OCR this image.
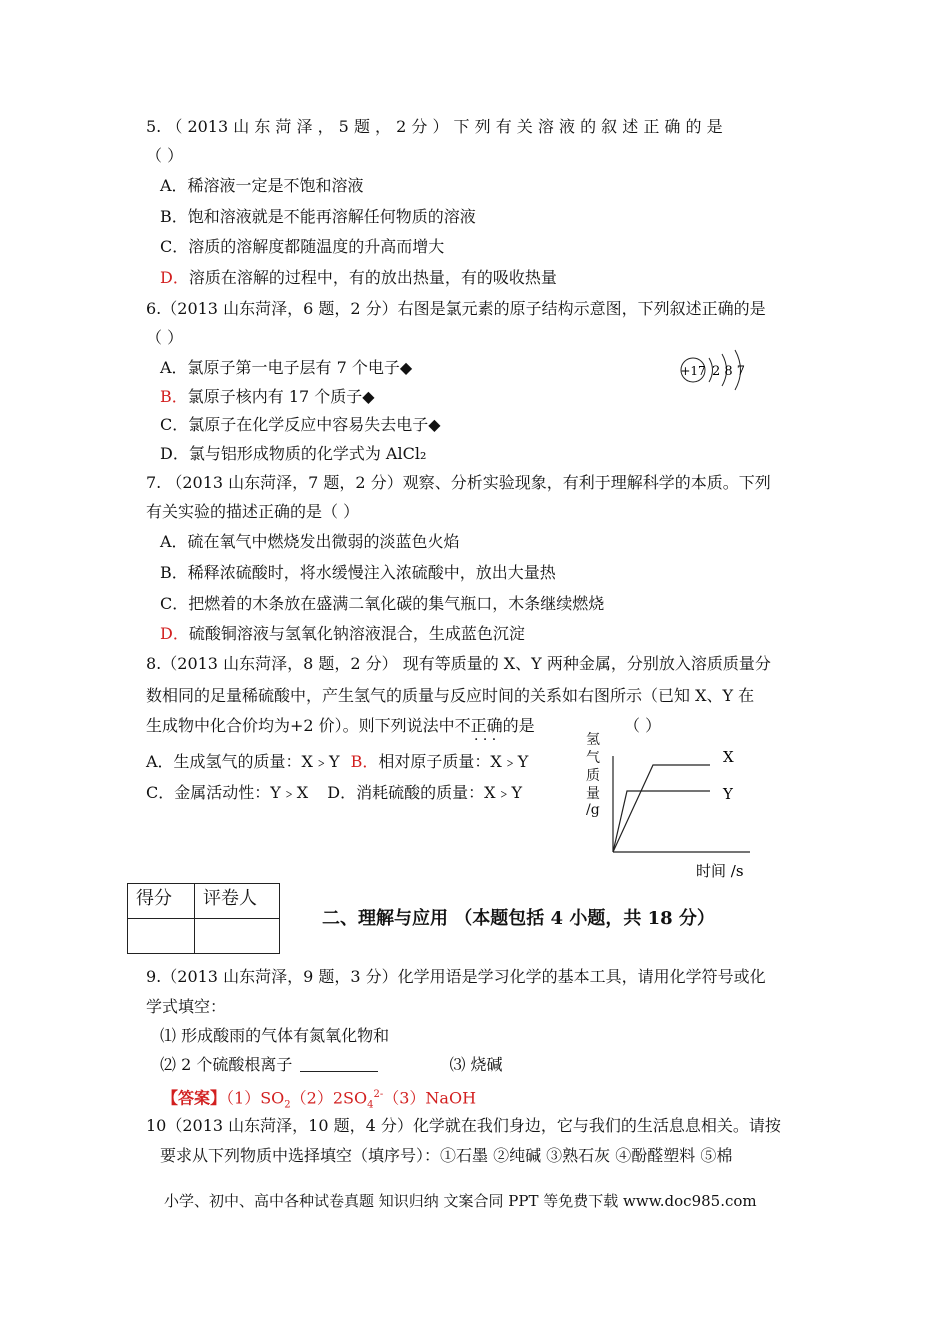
5. （ 2013 山 东 菏 泽 ， 5 题 ， 2 分 ） 下 列 有 关 溶 液 的 叙 述 正 确 的 是
（ ）
A．稀溶液一定是不饱和溶液
B．饱和溶液就是不能再溶解任何物质的溶液
C．溶质的溶解度都随温度的升高而增大
D．溶质在溶解的过程中，有的放出热量，有的吸收热量
6.（2013 山东菏泽，6 题，2 分）右图是氯元素的原子结构示意图，下列叙述正确的是
（ ）
A．氯原子第一电子层有 7 个电子◆
B．氯原子核内有 17 个质子◆
C．氯原子在化学反应中容易失去电子◆
D．氯与铝形成物质的化学式为 AlCl₂
+17 2 8 7
7. （2013 山东菏泽，7 题，2 分）观察、分析实验现象，有利于理解科学的本质。下列
有关实验的描述正确的是（ ）
A．硫在氧气中燃烧发出微弱的淡蓝色火焰
B．稀释浓硫酸时，将水缓慢注入浓硫酸中，放出大量热
C．把燃着的木条放在盛满二氧化碳的集气瓶口，木条继续燃烧
D．硫酸铜溶液与氢氧化钠溶液混合，生成蓝色沉淀
8.（2013 山东菏泽，8 题，2 分） 现有等质量的 X、Y 两种金属，分别放入溶质质量分
数相同的足量稀硫酸中，产生氢气的质量与反应时间的关系如右图所示（已知 X、Y 在
生成物中化合价均为+2 价）。则下列说法中不正确的是	（ ）
· · ·
A．生成氢气的质量：X﹥Y B．相对原子质量：X﹥Y
C．金属活动性：Y﹥X D．消耗硫酸的质量：X﹥Y
氢
气
质
量
/g
X
Y
时间 /s
得分	评卷人

二、理解与应用 （本题包括 4 小题，共 18 分）
9.（2013 山东菏泽，9 题，3 分）化学用语是学习化学的基本工具，请用化学符号或化
学式填空：
⑴ 形成酸雨的气体有氮氧化物和
⑵ 2 个硫酸根离子	⑶ 烧碱
【答案】$(1)SO_2(2)2SO_4^{2-}(3)NaOH$
10（2013 山东菏泽，10 题，4 分）化学就在我们身边，它与我们的生活息息相关。请按
要求从下列物质中选择填空（填序号）：①石墨 ②纯碱 ③熟石灰 ④酚醛塑料 ⑤棉
小学、初中、高中各种试卷真题 知识归纳 文案合同 PPT 等免费下载 www.doc985.com
